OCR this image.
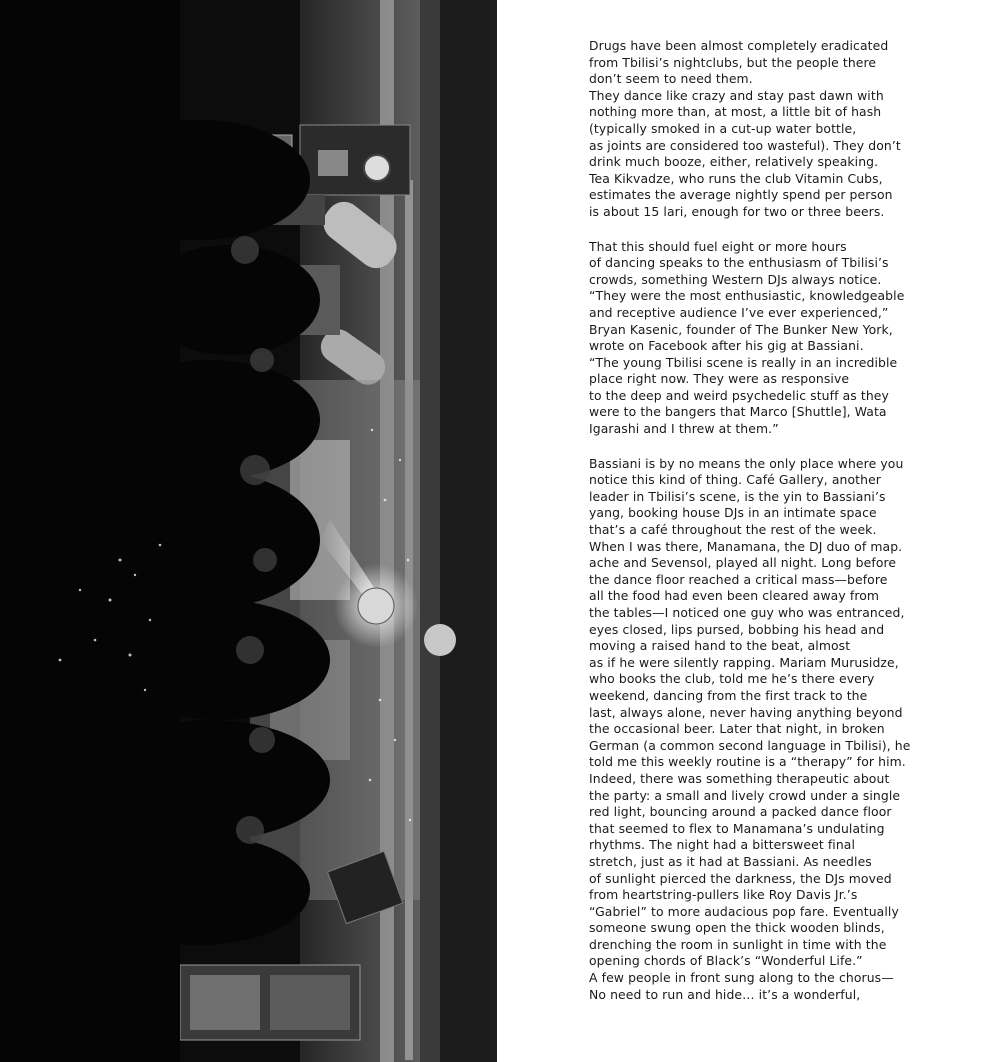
Drugs have been almost completely eradicated
from Tbilisi’s nightclubs, but the people there
don’t seem to need them.
They dance like crazy and stay past dawn with
nothing more than, at most, a little bit of hash
(typically smoked in a cut-up water bottle,
as joints are considered too wasteful). They don’t
drink much booze, either, relatively speaking.
Tea Kikvadze, who runs the club Vitamin Cubs,
estimates the average nightly spend per person
is about 15 lari, enough for two or three beers.

That this should fuel eight or more hours
of dancing speaks to the enthusiasm of Tbilisi’s
crowds, something Western DJs always notice.
“They were the most enthusiastic, knowledgeable
and receptive audience I’ve ever experienced,”
Bryan Kasenic, founder of The Bunker New York,
wrote on Facebook after his gig at Bassiani.
“The young Tbilisi scene is really in an incredible
place right now. They were as responsive
to the deep and weird psychedelic stuff as they
were to the bangers that Marco [Shuttle], Wata
Igarashi and I threw at them.”

Bassiani is by no means the only place where you
notice this kind of thing. Café Gallery, another
leader in Tbilisi’s scene, is the yin to Bassiani’s
yang, booking house DJs in an intimate space
that’s a café throughout the rest of the week.
When I was there, Manamana, the DJ duo of map.
ache and Sevensol, played all night. Long before
the dance floor reached a critical mass—before
all the food had even been cleared away from
the tables—I noticed one guy who was entranced,
eyes closed, lips pursed, bobbing his head and
moving a raised hand to the beat, almost
as if he were silently rapping. Mariam Murusidze,
who books the club, told me he’s there every
weekend, dancing from the first track to the
last, always alone, never having anything beyond
the occasional beer. Later that night, in broken
German (a common second language in Tbilisi), he
told me this weekly routine is a “therapy” for him.
Indeed, there was something therapeutic about
the party: a small and lively crowd under a single
red light, bouncing around a packed dance floor
that seemed to flex to Manamana’s undulating
rhythms. The night had a bittersweet final
stretch, just as it had at Bassiani. As needles
of sunlight pierced the darkness, the DJs moved
from heartstring-pullers like Roy Davis Jr.’s
“Gabriel” to more audacious pop fare. Eventually
someone swung open the thick wooden blinds,
drenching the room in sunlight in time with the
opening chords of Black’s “Wonderful Life.”
A few people in front sung along to the chorus—
No need to run and hide… it’s a wonderful,
